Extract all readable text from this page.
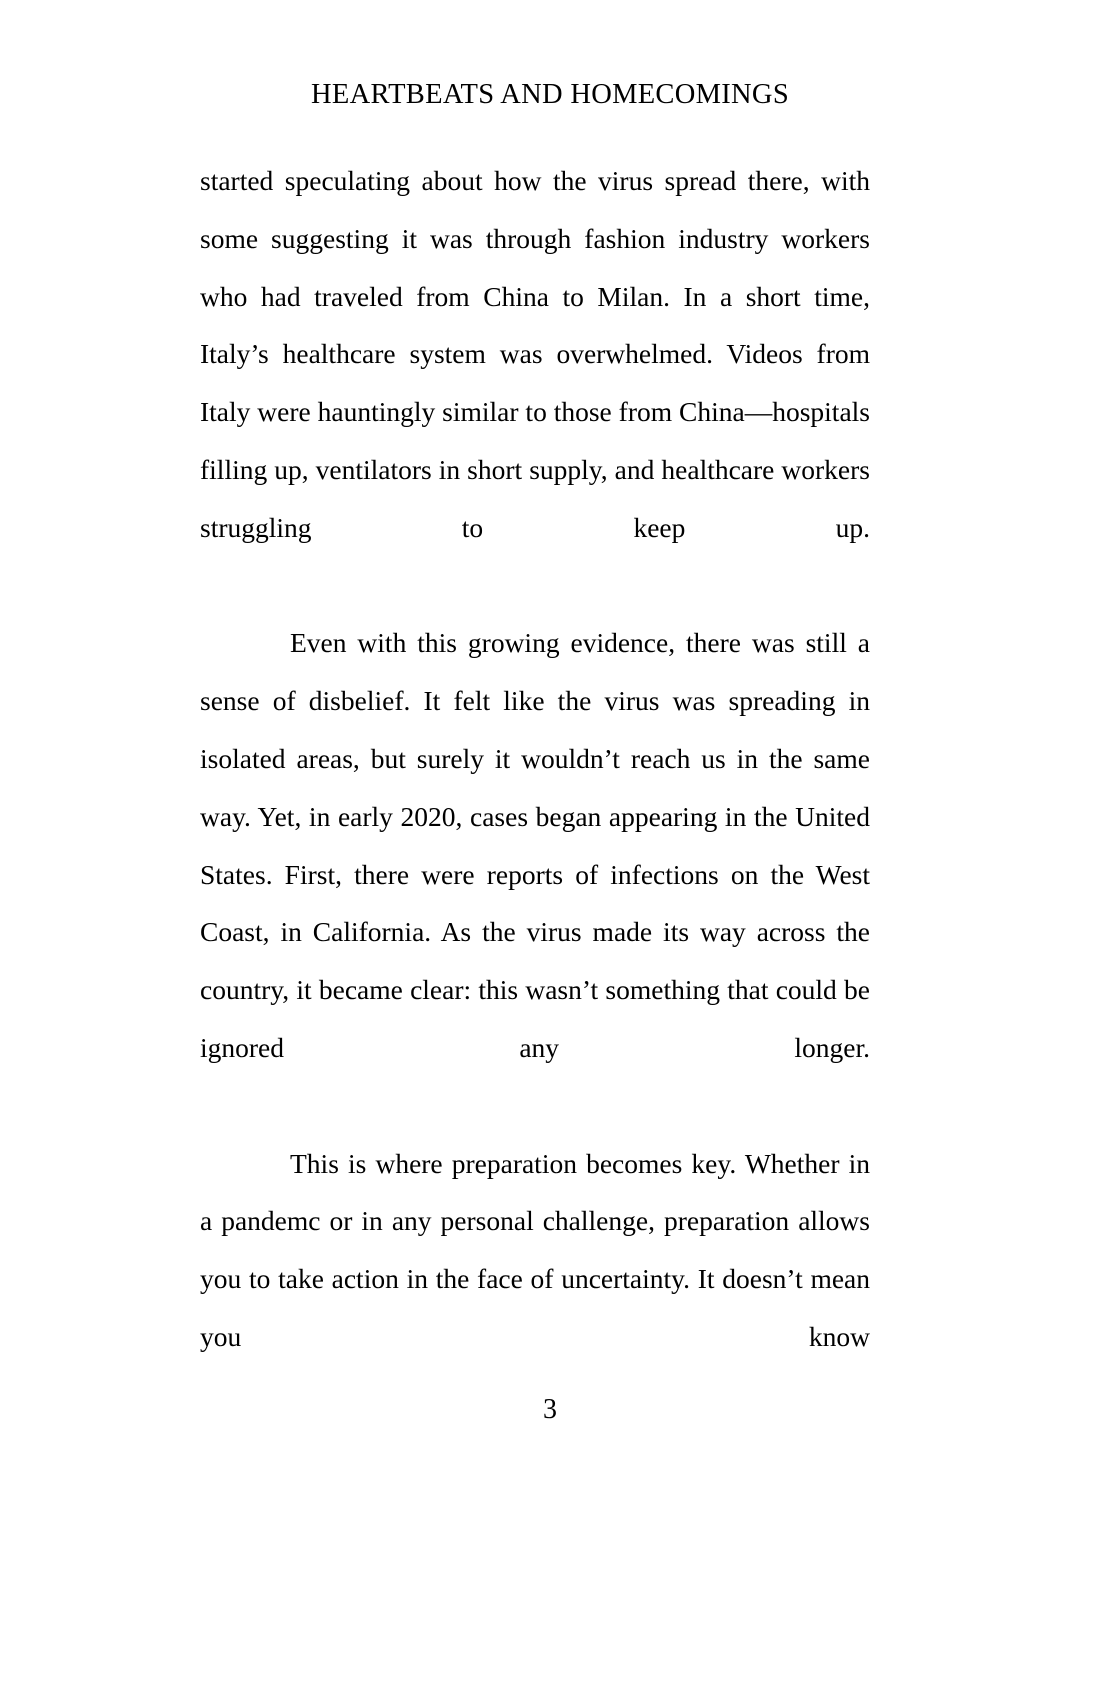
HEARTBEATS AND HOMECOMINGS

started speculating about how the virus spread there, with some suggesting it was through fashion industry workers who had traveled from China to Milan. In a short time, Italy’s healthcare system was overwhelmed. Videos from Italy were hauntingly similar to those from China—hospitals filling up, ventilators in short supply, and healthcare workers struggling to keep up.

Even with this growing evidence, there was still a sense of disbelief. It felt like the virus was spreading in isolated areas, but surely it wouldn’t reach us in the same way. Yet, in early 2020, cases began appearing in the United States. First, there were reports of infections on the West Coast, in California. As the virus made its way across the country, it became clear: this wasn’t something that could be ignored any longer.

This is where preparation becomes key. Whether in a pandemc or in any personal challenge, preparation allows you to take action in the face of uncertainty. It doesn’t mean you know

3
